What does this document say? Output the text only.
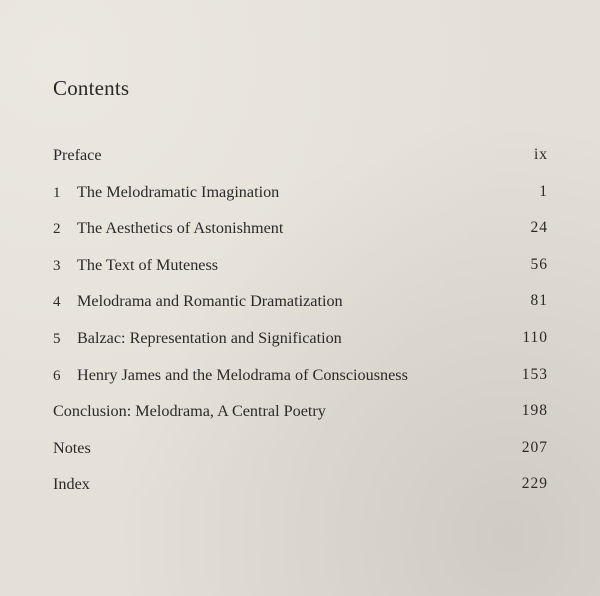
Contents
Preface	ix
1	The Melodramatic Imagination	1
2	The Aesthetics of Astonishment	24
3	The Text of Muteness	56
4	Melodrama and Romantic Dramatization	81
5	Balzac: Representation and Signification	110
6	Henry James and the Melodrama of Consciousness	153
Conclusion: Melodrama, A Central Poetry	198
Notes	207
Index	229
